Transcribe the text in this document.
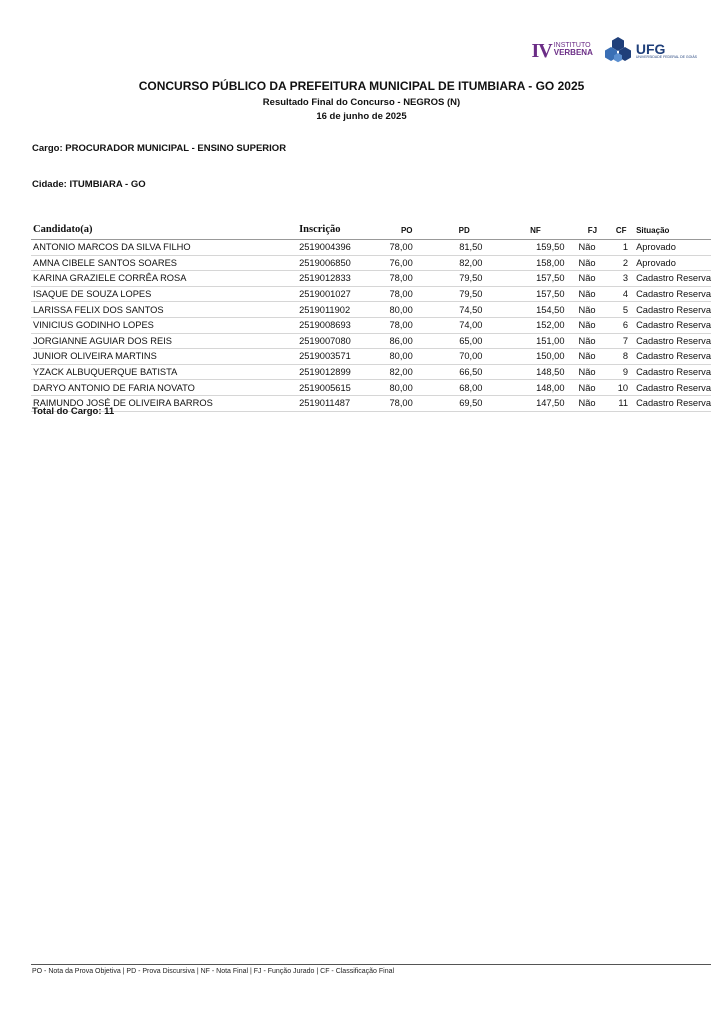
IV INSTITUTO
VERBENA
	UFG
UNIVERSIDADE FEDERAL DE GOIÁS
CONCURSO PÚBLICO DA PREFEITURA MUNICIPAL DE ITUMBIARA - GO 2025
Resultado Final do Concurso - NEGROS (N)
16 de junho de 2025
Cargo: PROCURADOR MUNICIPAL - ENSINO SUPERIOR
Cidade: ITUMBIARA - GO
Candidato(a)	Inscrição	PO	PD	NF	FJ	CF	Situação
ANTONIO MARCOS DA SILVA FILHO	2519004396	78,00	81,50	159,50	Não	1	Aprovado
AMNA CIBELE SANTOS SOARES	2519006850	76,00	82,00	158,00	Não	2	Aprovado
KARINA GRAZIELE CORRÊA ROSA	2519012833	78,00	79,50	157,50	Não	3	Cadastro Reserva
ISAQUE DE SOUZA LOPES	2519001027	78,00	79,50	157,50	Não	4	Cadastro Reserva
LARISSA FELIX DOS SANTOS	2519011902	80,00	74,50	154,50	Não	5	Cadastro Reserva
VINICIUS GODINHO LOPES	2519008693	78,00	74,00	152,00	Não	6	Cadastro Reserva
JORGIANNE AGUIAR DOS REIS	2519007080	86,00	65,00	151,00	Não	7	Cadastro Reserva
JUNIOR OLIVEIRA MARTINS	2519003571	80,00	70,00	150,00	Não	8	Cadastro Reserva
YZACK ALBUQUERQUE BATISTA	2519012899	82,00	66,50	148,50	Não	9	Cadastro Reserva
DARYO ANTONIO DE FARIA NOVATO	2519005615	80,00	68,00	148,00	Não	10	Cadastro Reserva
RAIMUNDO JOSÉ DE OLIVEIRA BARROS	2519011487	78,00	69,50	147,50	Não	11	Cadastro Reserva
Total do Cargo: 11
PO - Nota da Prova Objetiva | PD - Prova Discursiva | NF - Nota Final | FJ - Função Jurado | CF - Classificação Final
